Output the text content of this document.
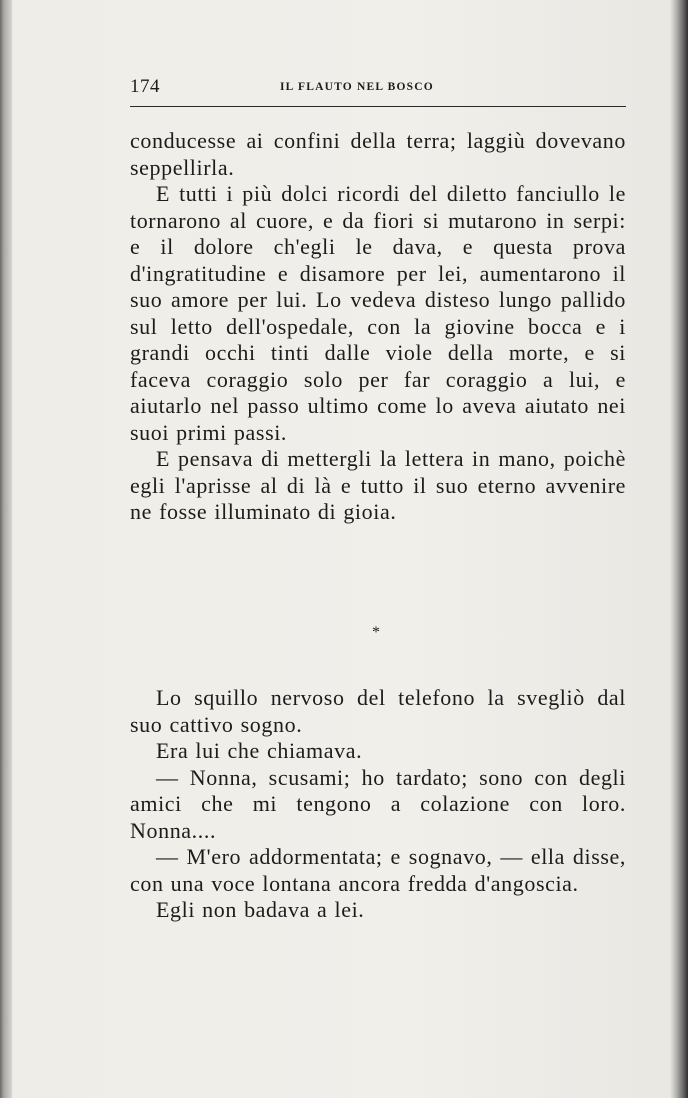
174	IL FLAUTO NEL BOSCO

conducesse ai confini della terra; laggiù dovevano seppellirla.

E tutti i più dolci ricordi del diletto fanciullo le tornarono al cuore, e da fiori si mutarono in serpi: e il dolore ch'egli le dava, e questa prova d'ingratitudine e disamore per lei, aumentarono il suo amore per lui. Lo vedeva disteso lungo pallido sul letto dell'ospedale, con la giovine bocca e i grandi occhi tinti dalle viole della morte, e si faceva coraggio solo per far coraggio a lui, e aiutarlo nel passo ultimo come lo aveva aiutato nei suoi primi passi.

E pensava di mettergli la lettera in mano, poichè egli l'aprisse al di là e tutto il suo eterno avvenire ne fosse illuminato di gioia.

*

Lo squillo nervoso del telefono la svegliò dal suo cattivo sogno.

Era lui che chiamava.

— Nonna, scusami; ho tardato; sono con degli amici che mi tengono a colazione con loro. Nonna....

— M'ero addormentata; e sognavo, — ella disse, con una voce lontana ancora fredda d'angoscia.

Egli non badava a lei.
